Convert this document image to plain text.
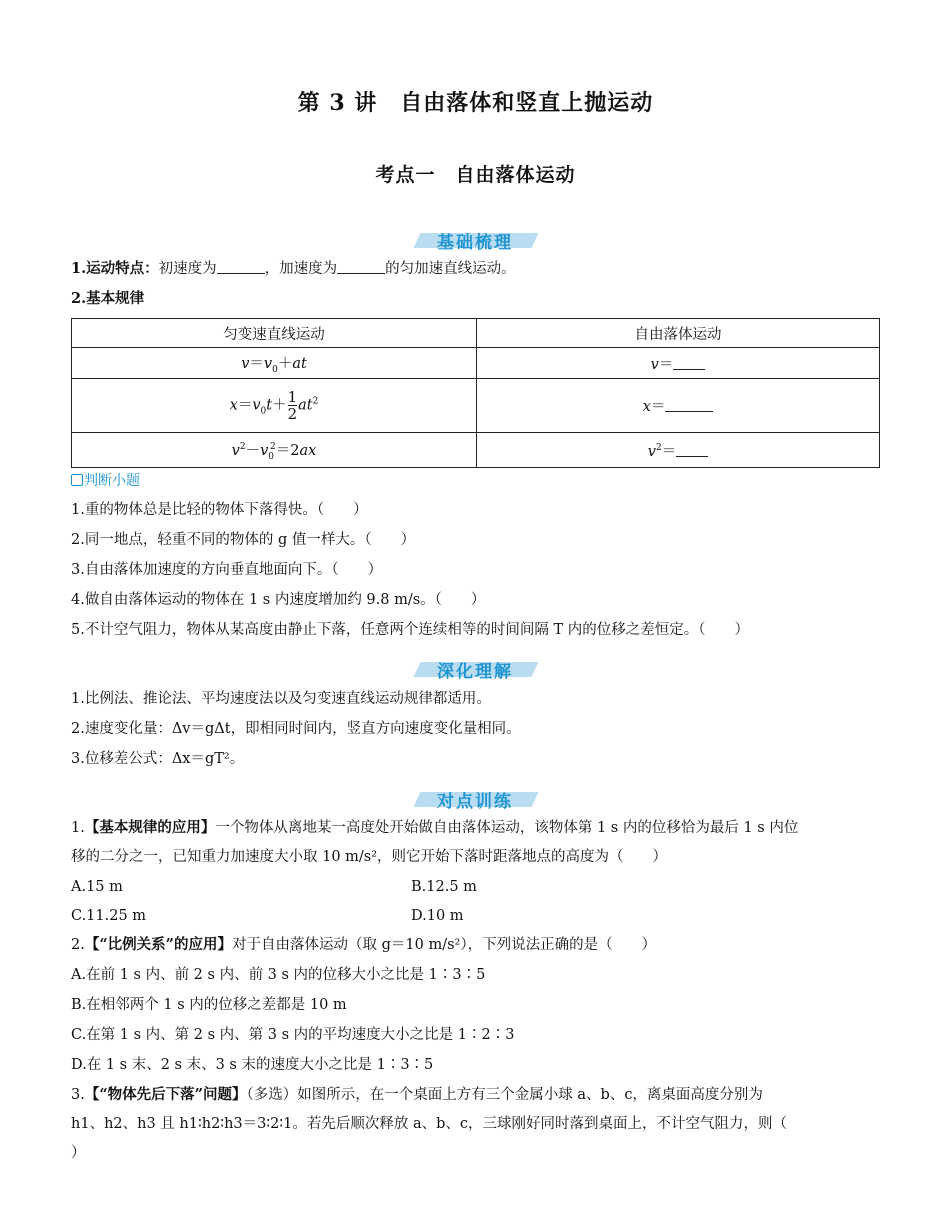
第 3 讲　自由落体和竖直上抛运动
考点一　自由落体运动
基础梳理
1.运动特点：初速度为	，加速度为	的匀加速直线运动。
2.基本规律
匀变速直线运动	自由落体运动
$v=v_0+at$	v＝
$x=v_0t+ \frac{1}{2} at^2$	x＝
$v^2-v_0^2=2ax$	$v^2=$
判断小题
1.重的物体总是比轻的物体下落得快。（　　）
2.同一地点，轻重不同的物体的 g 值一样大。（　　）
3.自由落体加速度的方向垂直地面向下。（　　）
4.做自由落体运动的物体在 1 s 内速度增加约 9.8 m/s。（　　）
5.不计空气阻力，物体从某高度由静止下落，任意两个连续相等的时间间隔 T 内的位移之差恒定。（　　）
深化理解
1.比例法、推论法、平均速度法以及匀变速直线运动规律都适用。
2.速度变化量：Δv＝gΔt，即相同时间内，竖直方向速度变化量相同。
3.位移差公式：Δx＝gT²。
对点训练
1.【基本规律的应用】一个物体从离地某一高度处开始做自由落体运动，该物体第 1 s 内的位移恰为最后 1 s 内位
移的二分之一，已知重力加速度大小取 10 m/s²，则它开始下落时距落地点的高度为（　　）
A.15 m	B.12.5 m
C.11.25 m	D.10 m
2.【“比例关系”的应用】对于自由落体运动（取 g＝10 m/s²），下列说法正确的是（　　）
A.在前 1 s 内、前 2 s 内、前 3 s 内的位移大小之比是 1∶3∶5
B.在相邻两个 1 s 内的位移之差都是 10 m
C.在第 1 s 内、第 2 s 内、第 3 s 内的平均速度大小之比是 1∶2∶3
D.在 1 s 末、2 s 末、3 s 末的速度大小之比是 1∶3∶5
3.【“物体先后下落”问题】（多选）如图所示，在一个桌面上方有三个金属小球 a、b、c，离桌面高度分别为
h1、h2、h3 且 h1∶h2∶h3＝3∶2∶1。若先后顺次释放 a、b、c，三球刚好同时落到桌面上，不计空气阻力，则（
）
